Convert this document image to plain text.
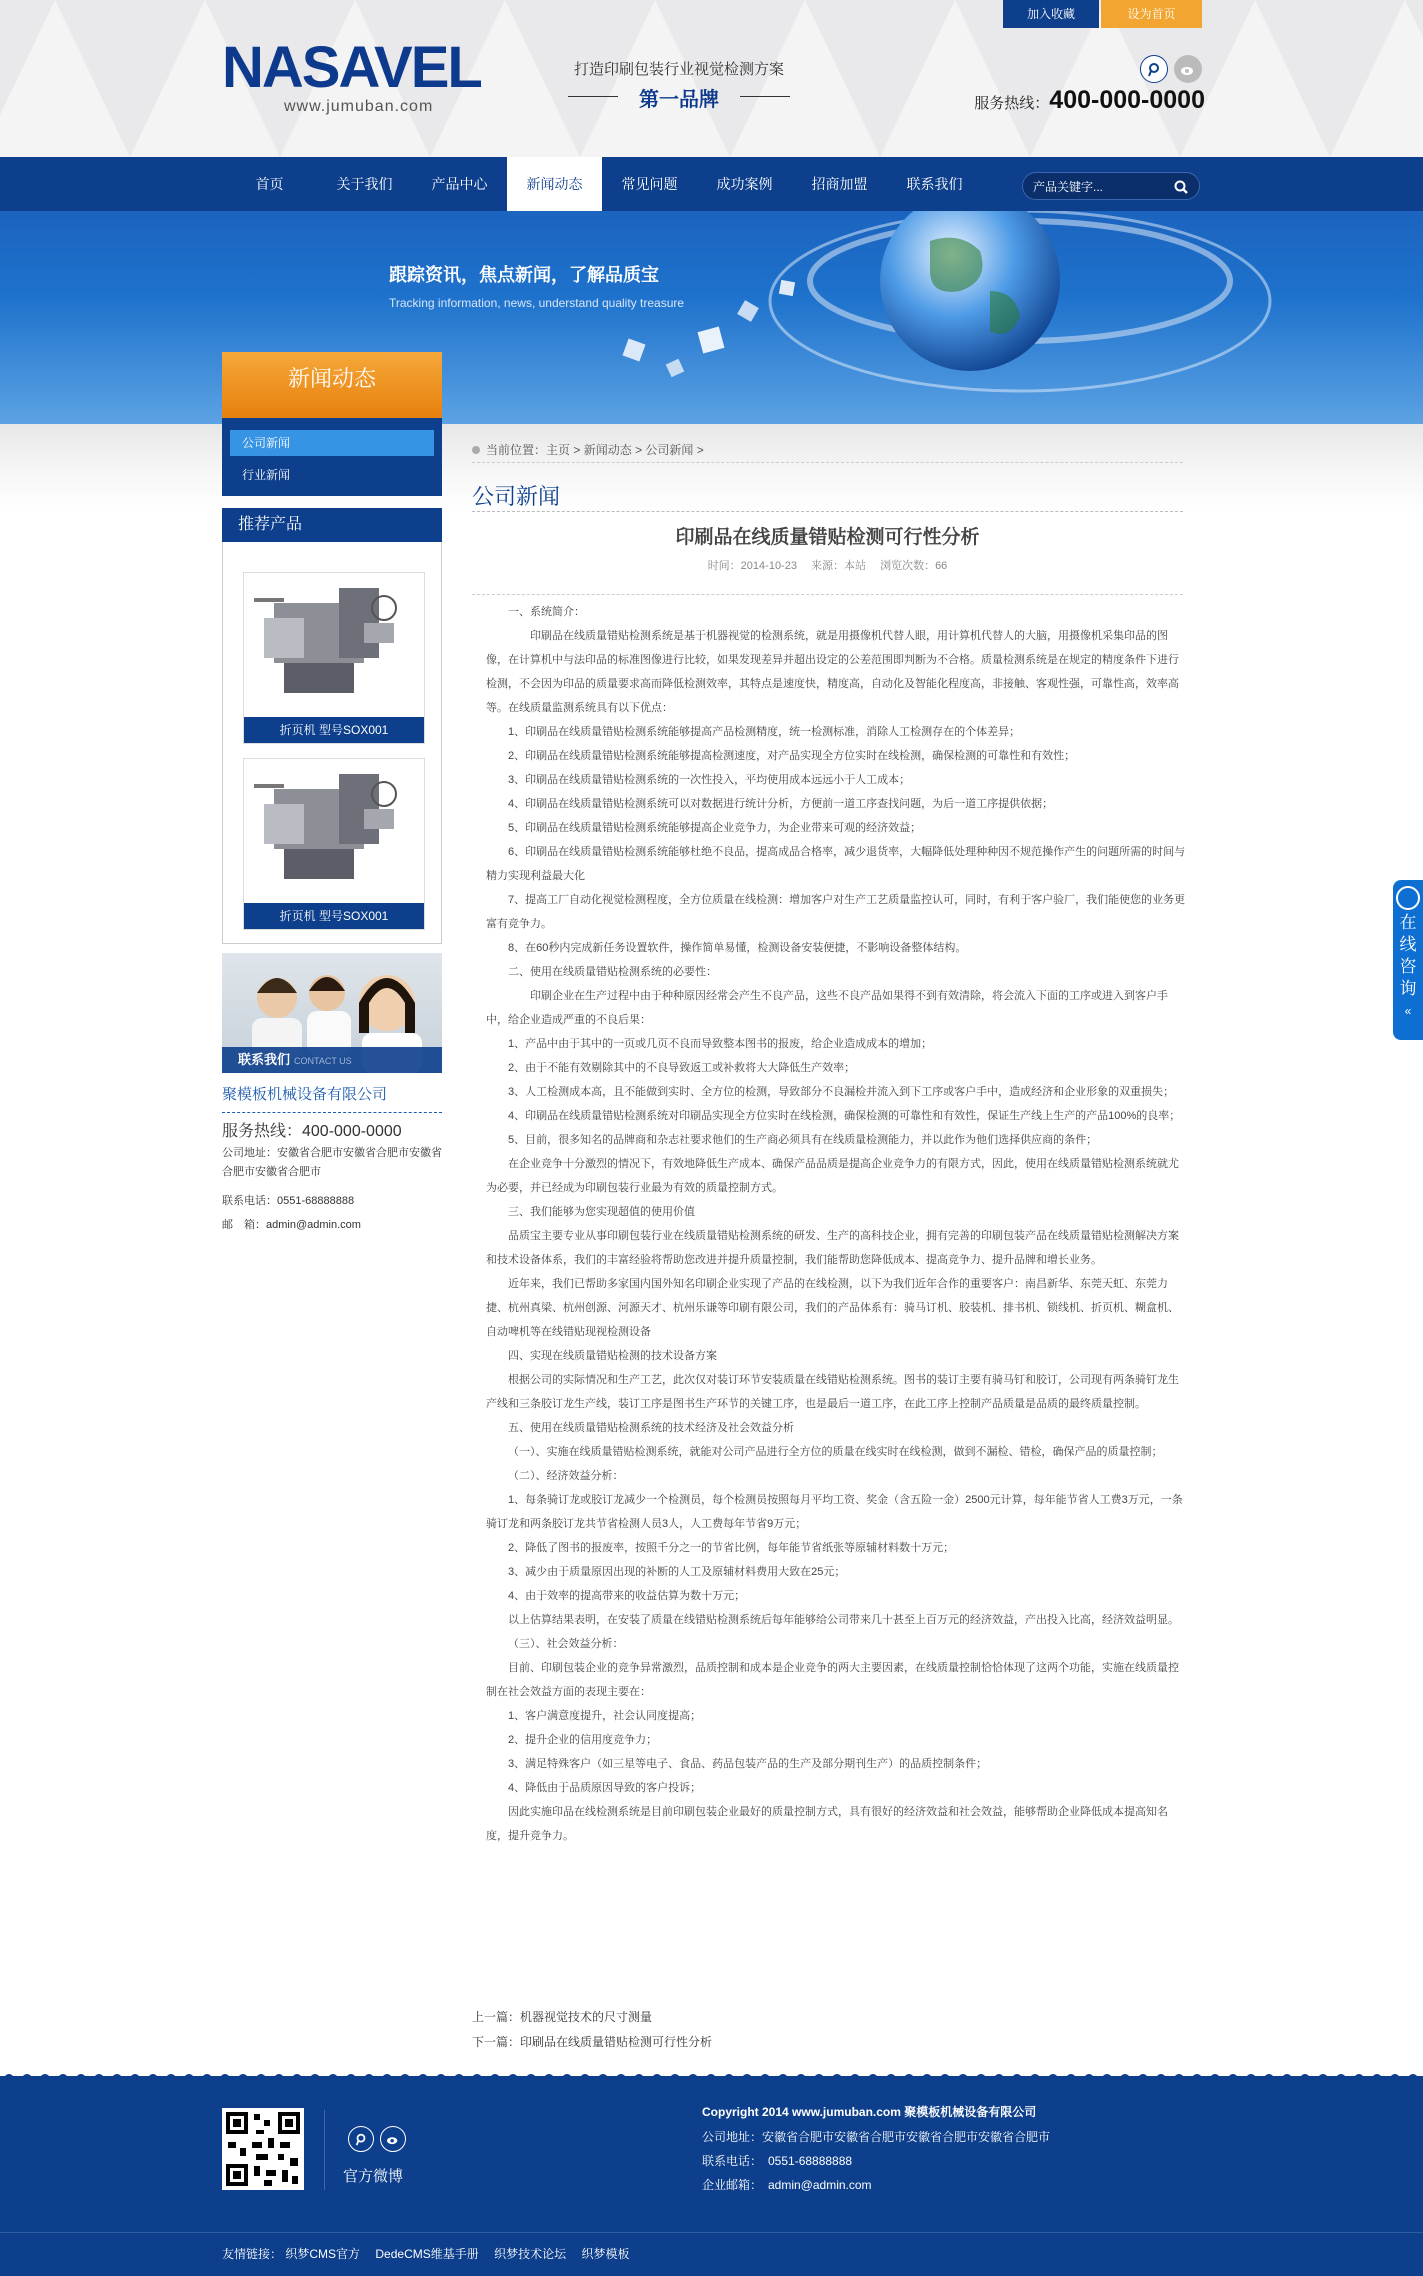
加入收藏	设为首页
NASAVEL
www.jumuban.com
打造印刷包装行业视觉检测方案
第一品牌	服务热线：400-000-0000
首页	关于我们	产品中心	新闻动态	常见问题	成功案例	招商加盟	联系我们
产品关键字...
跟踪资讯，焦点新闻，了解品质宝
Tracking information, news, understand quality treasure
新闻动态
公司新闻
行业新闻
推荐产品
折页机 型号SOX001
折页机 型号SOX001
联系我们 CONTACT US
聚模板机械设备有限公司
服务热线：400-000-0000
公司地址：安徽省合肥市安徽省合肥市安徽省合肥市安徽省合肥市
联系电话：0551-68888888
邮　箱：admin@admin.com
当前位置：主页 > 新闻动态 > 公司新闻 >
公司新闻
印刷品在线质量错贴检测可行性分析
时间：2014-10-23　 来源：本站　 浏览次数：66

一、系统简介：

印刷品在线质量错贴检测系统是基于机器视觉的检测系统，就是用摄像机代替人眼，用计算机代替人的大脑，用摄像机采集印品的图像，在计算机中与法印品的标准图像进行比较，如果发现差异并超出设定的公差范围即判断为不合格。质量检测系统是在规定的精度条件下进行检测，不会因为印品的质量要求高而降低检测效率，其特点是速度快，精度高，自动化及智能化程度高，非接触、客观性强，可靠性高，效率高等。在线质量监测系统具有以下优点：

1、印刷品在线质量错贴检测系统能够提高产品检测精度，统一检测标准，消除人工检测存在的个体差异；

2、印刷品在线质量错贴检测系统能够提高检测速度，对产品实现全方位实时在线检测，确保检测的可靠性和有效性；

3、印刷品在线质量错贴检测系统的一次性投入，平均使用成本远远小于人工成本；

4、印刷品在线质量错贴检测系统可以对数据进行统计分析，方便前一道工序查找问题，为后一道工序提供依据；

5、印刷品在线质量错贴检测系统能够提高企业竞争力，为企业带来可观的经济效益；

6、印刷品在线质量错贴检测系统能够杜绝不良品，提高成品合格率，减少退货率，大幅降低处理种种因不规范操作产生的问题所需的时间与精力实现利益最大化

7、提高工厂自动化视觉检测程度，全方位质量在线检测：增加客户对生产工艺质量监控认可，同时，有利于客户验厂，我们能使您的业务更富有竞争力。

8、在60秒内完成新任务设置软件，操作简单易懂，检测设备安装便捷，不影响设备整体结构。

二、使用在线质量错贴检测系统的必要性：

印刷企业在生产过程中由于种种原因经常会产生不良产品，这些不良产品如果得不到有效清除，将会流入下面的工序或进入到客户手中，给企业造成严重的不良后果：

1、产品中由于其中的一页或几页不良而导致整本图书的报废，给企业造成成本的增加；

2、由于不能有效剔除其中的不良导致返工或补救将大大降低生产效率；

3、人工检测成本高，且不能做到实时、全方位的检测，导致部分不良漏检并流入到下工序或客户手中，造成经济和企业形象的双重损失；

4、印刷品在线质量错贴检测系统对印刷品实现全方位实时在线检测，确保检测的可靠性和有效性，保证生产线上生产的产品100%的良率；

5、目前，很多知名的品牌商和杂志社要求他们的生产商必须具有在线质量检测能力，并以此作为他们选择供应商的条件；

在企业竞争十分激烈的情况下，有效地降低生产成本、确保产品品质是提高企业竞争力的有限方式，因此，使用在线质量错贴检测系统就尤为必要，并已经成为印刷包装行业最为有效的质量控制方式。

三、我们能够为您实现超值的使用价值

品质宝主要专业从事印刷包装行业在线质量错贴检测系统的研发、生产的高科技企业，拥有完善的印刷包装产品在线质量错贴检测解决方案和技术设备体系，我们的丰富经验将帮助您改进并提升质量控制，我们能帮助您降低成本、提高竞争力、提升品牌和增长业务。

近年来，我们已帮助多家国内国外知名印刷企业实现了产品的在线检测，以下为我们近年合作的重要客户：南昌新华、东莞天虹、东莞力捷、杭州真梁、杭州创源、河源天才、杭州乐谦等印刷有限公司，我们的产品体系有：骑马订机、胶装机、排书机、锁线机、折页机、糊盒机、自动啤机等在线错贴现视检测设备

四、实现在线质量错贴检测的技术设备方案

根据公司的实际情况和生产工艺，此次仅对装订环节安装质量在线错贴检测系统。图书的装订主要有骑马钉和胶订，公司现有两条骑钉龙生产线和三条胶订龙生产线，装订工序是图书生产环节的关键工序，也是最后一道工序，在此工序上控制产品质量是品质的最终质量控制。

五、使用在线质量错贴检测系统的技术经济及社会效益分析

（一）、实施在线质量错贴检测系统，就能对公司产品进行全方位的质量在线实时在线检测，做到不漏检、错检，确保产品的质量控制；

（二）、经济效益分析：

1、每条骑订龙或胶订龙减少一个检测员，每个检测员按照每月平均工资、奖金（含五险一金）2500元计算，每年能节省人工费3万元，一条骑订龙和两条胶订龙共节省检测人员3人，人工费每年节省9万元；

2、降低了图书的报废率，按照千分之一的节省比例，每年能节省纸张等原辅材料数十万元；

3、减少由于质量原因出现的补断的人工及原辅材料费用大致在25元；

4、由于效率的提高带来的收益估算为数十万元；

以上估算结果表明，在安装了质量在线错贴检测系统后每年能够给公司带来几十甚至上百万元的经济效益，产出投入比高，经济效益明显。

（三）、社会效益分析：

目前、印刷包装企业的竞争异常激烈，品质控制和成本是企业竞争的两大主要因素，在线质量控制恰恰体现了这两个功能，实施在线质量控制在社会效益方面的表现主要在：

1、客户满意度提升，社会认同度提高；

2、提升企业的信用度竞争力；

3、满足特殊客户（如三星等电子、食品、药品包装产品的生产及部分期刊生产）的品质控制条件；

4、降低由于品质原因导致的客户投诉；

因此实施印品在线检测系统是目前印刷包装企业最好的质量控制方式，具有很好的经济效益和社会效益，能够帮助企业降低成本提高知名度，提升竞争力。

上一篇：机器视觉技术的尺寸测量
下一篇：印刷品在线质量错贴检测可行性分析
官方微博
Copyright 2014 www.jumuban.com 聚模板机械设备有限公司
公司地址：安徽省合肥市安徽省合肥市安徽省合肥市安徽省合肥市
联系电话：　0551-68888888
企业邮箱：　admin@admin.com
友情链接： 织梦CMS官方 DedeCMS维基手册 织梦技术论坛 织梦模板
在
线
咨
询
«
